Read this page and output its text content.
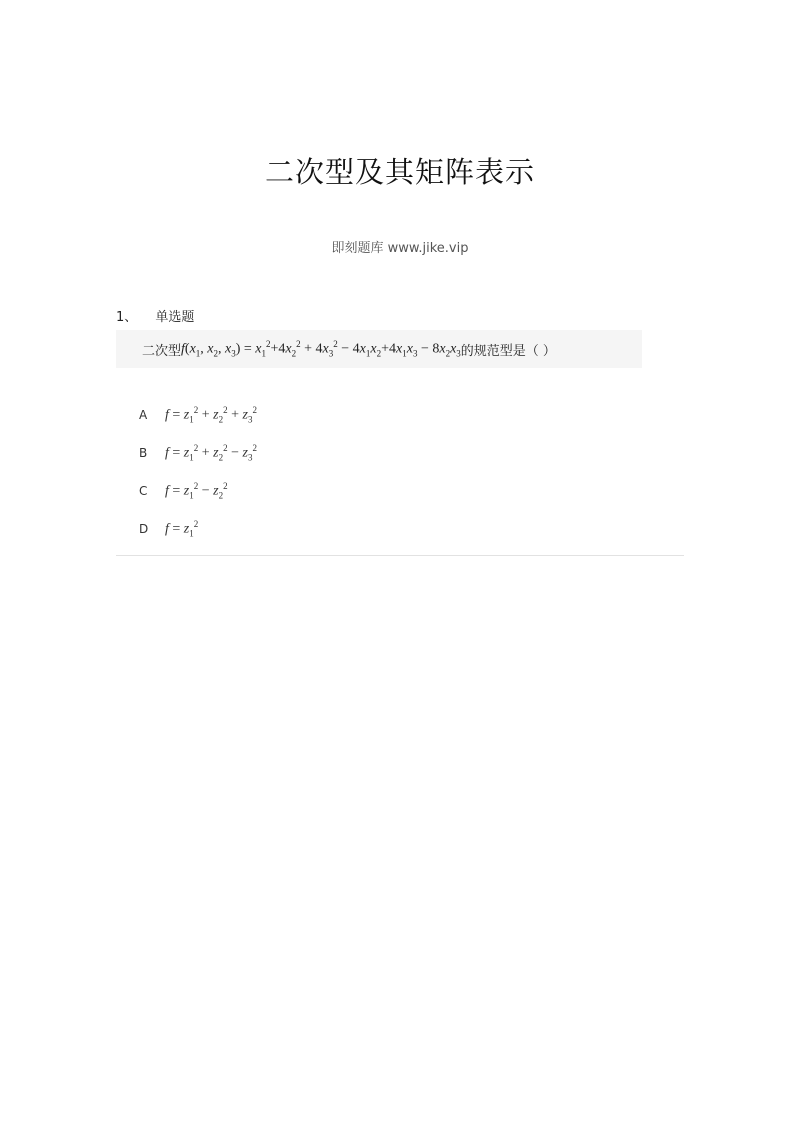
二次型及其矩阵表示
即刻题库 www.jike.vip
1、 单选题
二次型 $f(x_1$, $x_2$, $x_3) = x_1^2+4x_2^2 + 4x_3^2 - 4x_1x_2+4x_1x_3 - 8x_2x_3$ 的规范型是（ ）
A	$f = z_1^2 + z_2^2 + z_3^2$
B	$f = z_1^2 + z_2^2 - z_3^2$
C	$f = z_1^2 - z_2^2$
D	$f = z_1^2$
